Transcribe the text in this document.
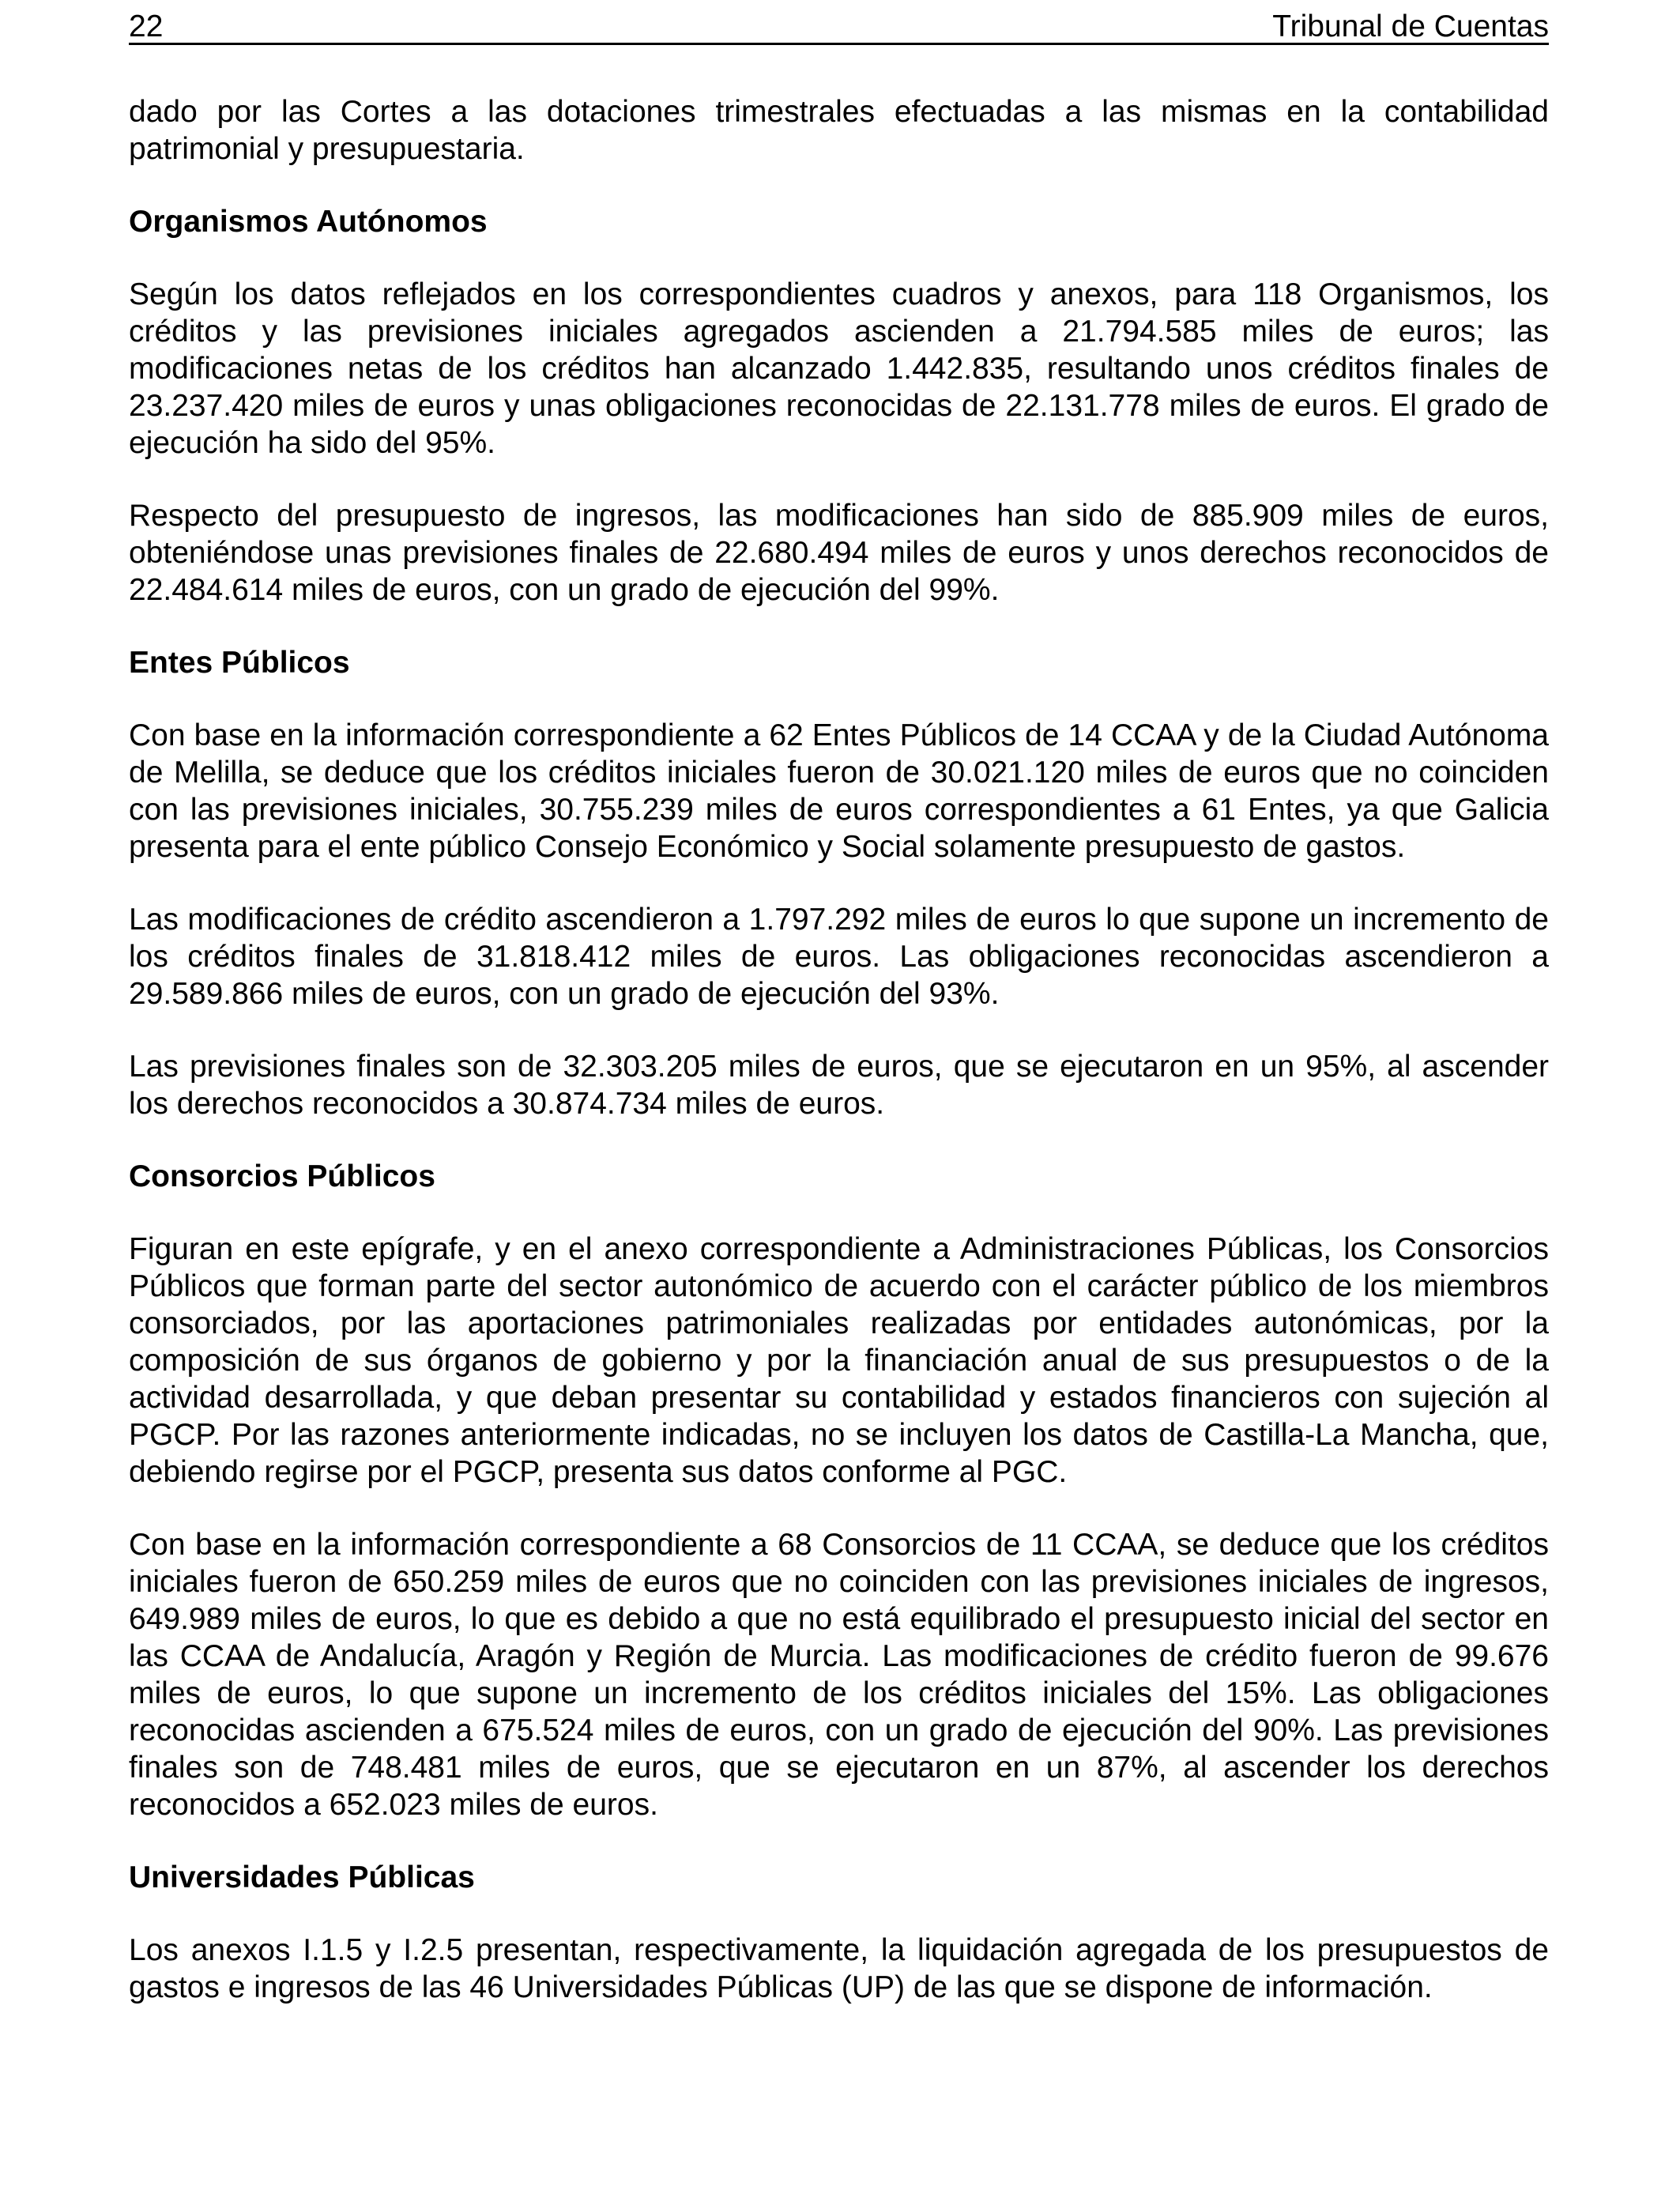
22	Tribunal de Cuentas

dado por las Cortes a las dotaciones trimestrales efectuadas a las mismas en la contabilidad patrimonial y presupuestaria.

Organismos Autónomos

Según los datos reflejados en los correspondientes cuadros y anexos, para 118 Organismos, los créditos y las previsiones iniciales agregados ascienden a 21.794.585 miles de euros; las modificaciones netas de los créditos han alcanzado 1.442.835, resultando unos créditos finales de 23.237.420 miles de euros y unas obligaciones reconocidas de 22.131.778 miles de euros. El grado de ejecución ha sido del 95%.

Respecto del presupuesto de ingresos, las modificaciones han sido de 885.909 miles de euros, obteniéndose unas previsiones finales de 22.680.494 miles de euros y unos derechos reconocidos de 22.484.614 miles de euros, con un grado de ejecución del 99%.

Entes Públicos

Con base en la información correspondiente a 62 Entes Públicos de 14 CCAA y de la Ciudad Autónoma de Melilla, se deduce que los créditos iniciales fueron de 30.021.120 miles de euros que no coinciden con las previsiones iniciales, 30.755.239 miles de euros correspondientes a 61 Entes, ya que Galicia presenta para el ente público Consejo Económico y Social solamente presupuesto de gastos.

Las modificaciones de crédito ascendieron a 1.797.292 miles de euros lo que supone un incremento de los créditos finales de 31.818.412 miles de euros. Las obligaciones reconocidas ascendieron a 29.589.866 miles de euros, con un grado de ejecución del 93%.

Las previsiones finales son de 32.303.205 miles de euros, que se ejecutaron en un 95%, al ascender los derechos reconocidos a 30.874.734 miles de euros.

Consorcios Públicos

Figuran en este epígrafe, y en el anexo correspondiente a Administraciones Públicas, los Consorcios Públicos que forman parte del sector autonómico de acuerdo con el carácter público de los miembros consorciados, por las aportaciones patrimoniales realizadas por entidades autonómicas, por la composición de sus órganos de gobierno y por la financiación anual de sus presupuestos o de la actividad desarrollada, y que deban presentar su contabilidad y estados financieros con sujeción al PGCP. Por las razones anteriormente indicadas, no se incluyen los datos de Castilla-La Mancha, que, debiendo regirse por el PGCP, presenta sus datos conforme al PGC.

Con base en la información correspondiente a 68 Consorcios de 11 CCAA, se deduce que los créditos iniciales fueron de 650.259 miles de euros que no coinciden con las previsiones iniciales de ingresos, 649.989 miles de euros, lo que es debido a que no está equilibrado el presupuesto inicial del sector en las CCAA de Andalucía, Aragón y Región de Murcia. Las modificaciones de crédito fueron de 99.676 miles de euros, lo que supone un incremento de los créditos iniciales del 15%. Las obligaciones reconocidas ascienden a 675.524 miles de euros, con un grado de ejecución del 90%. Las previsiones finales son de 748.481 miles de euros, que se ejecutaron en un 87%, al ascender los derechos reconocidos a 652.023 miles de euros.

Universidades Públicas

Los anexos I.1.5 y I.2.5 presentan, respectivamente, la liquidación agregada de los presupuestos de gastos e ingresos de las 46 Universidades Públicas (UP) de las que se dispone de información.
